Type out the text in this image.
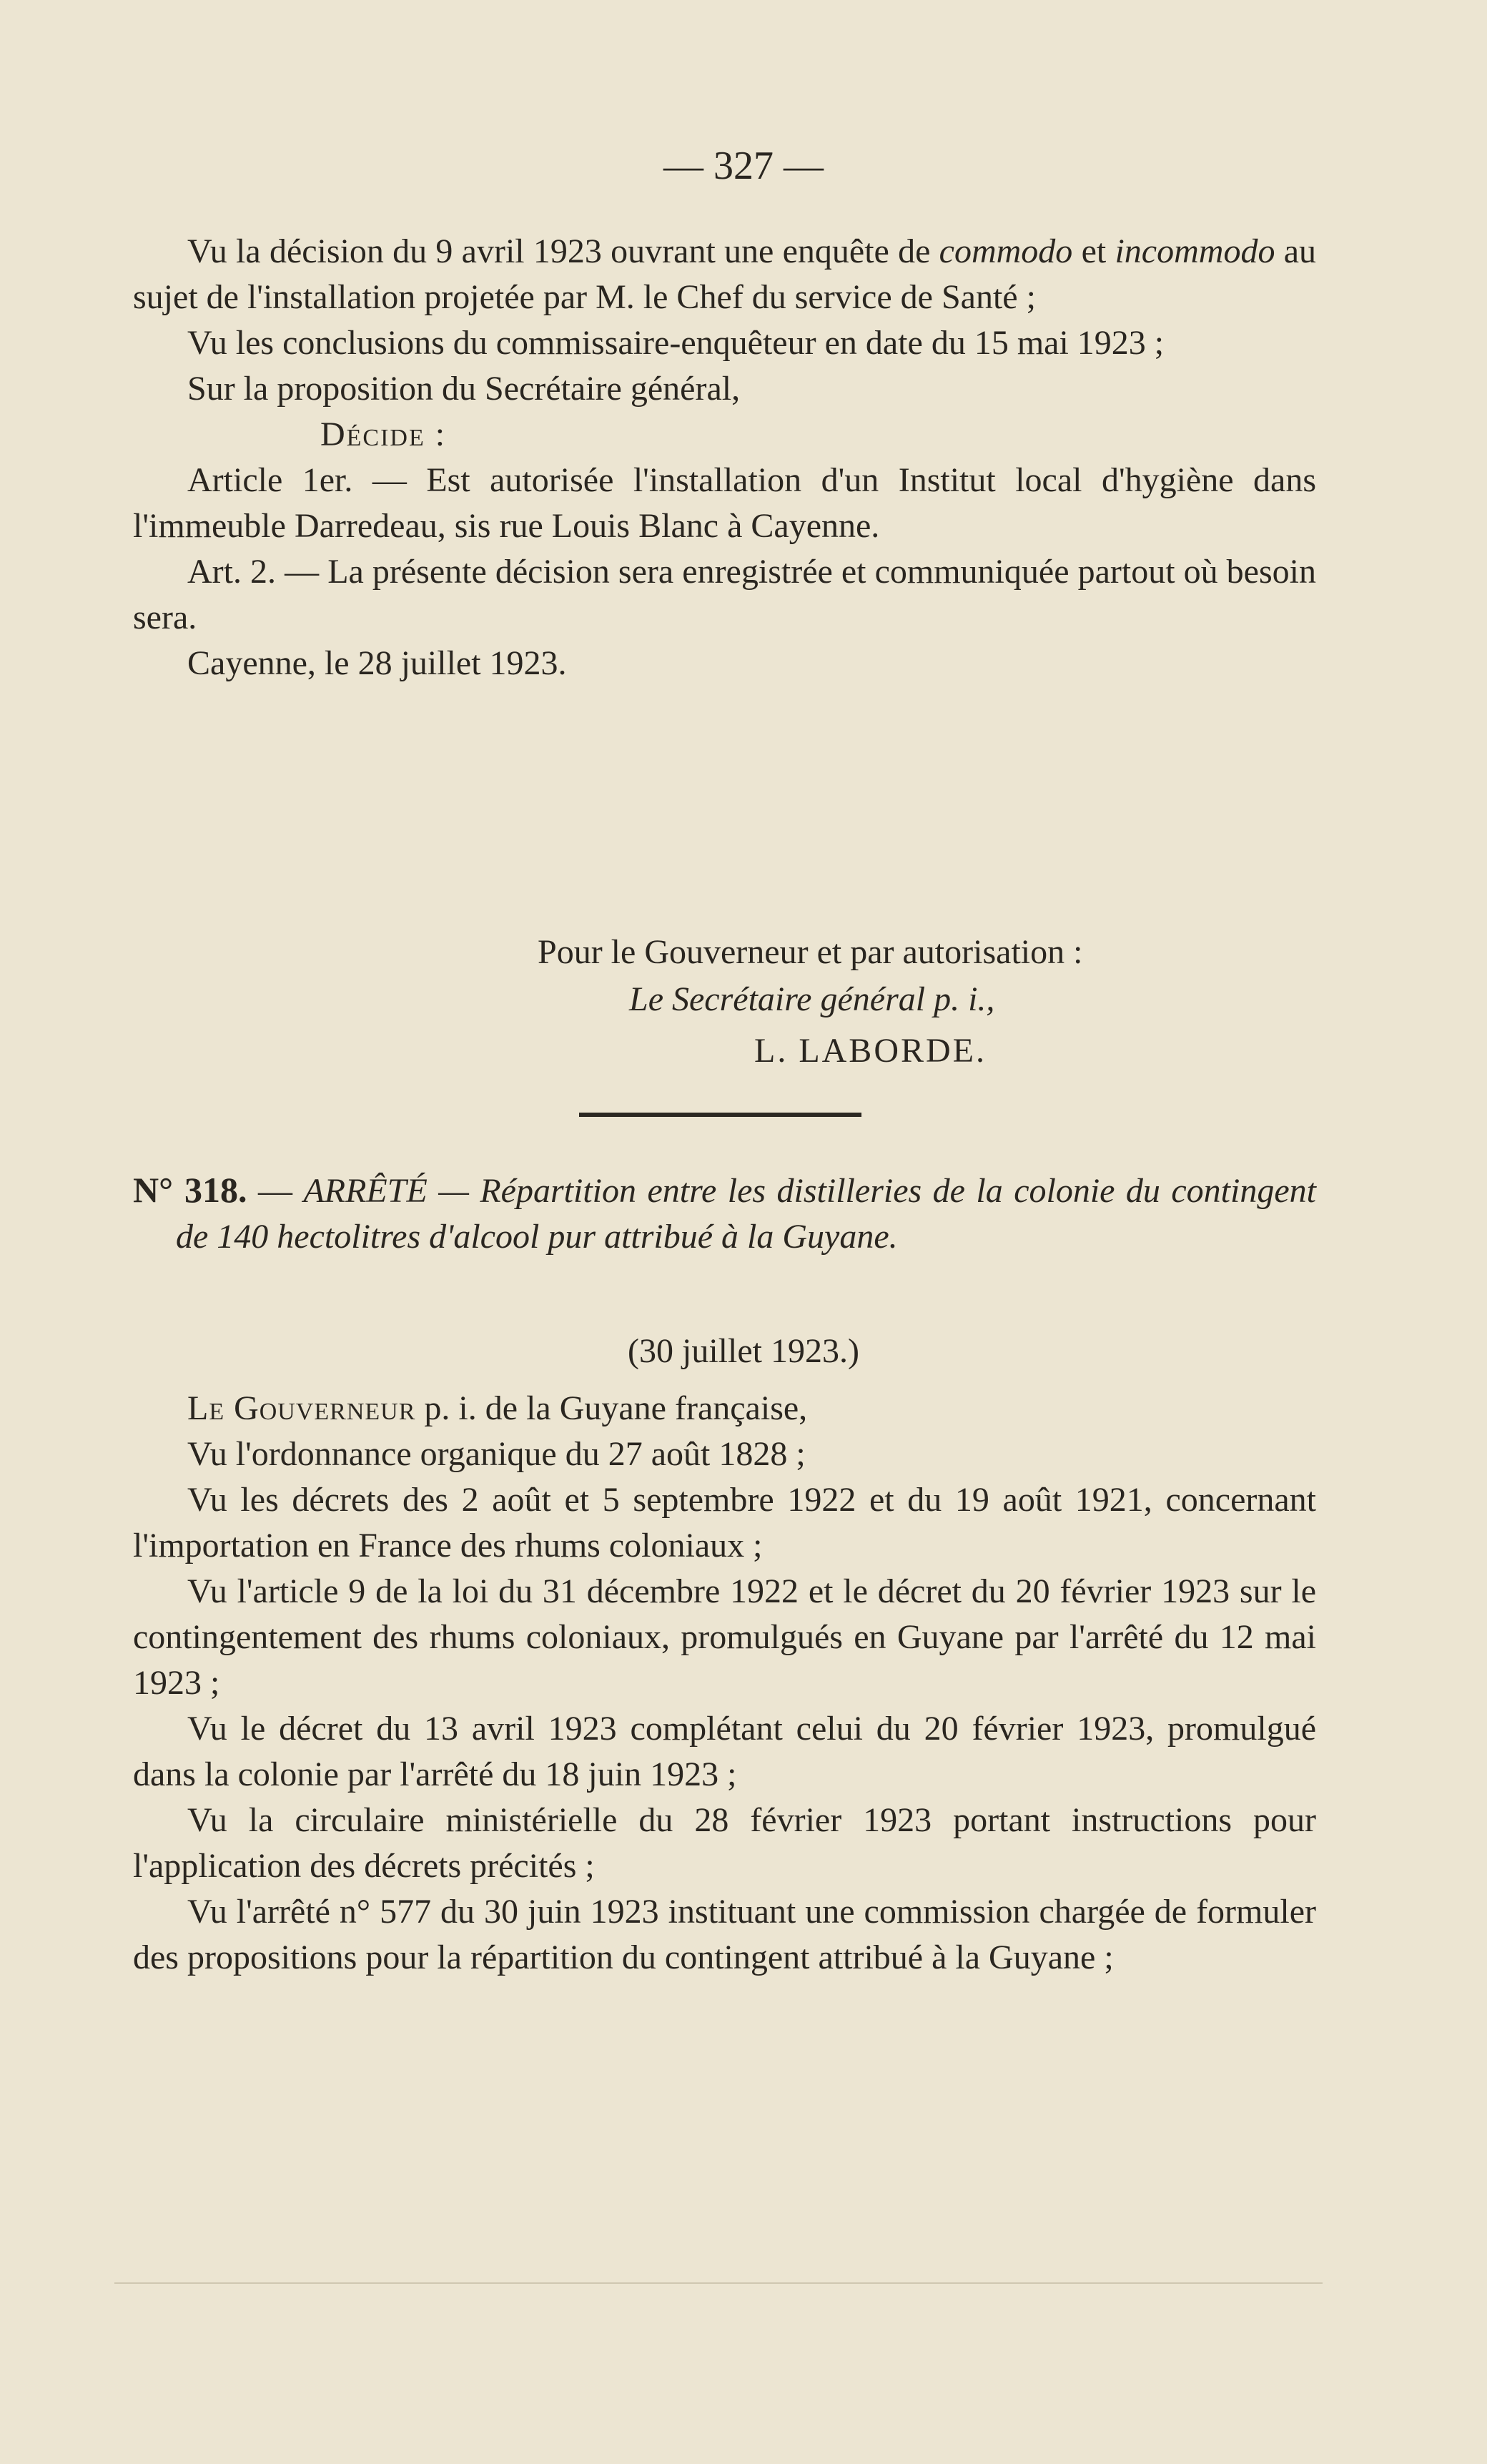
— 327 —

Vu la décision du 9 avril 1923 ouvrant une enquête de commodo et incommodo au sujet de l'installation projetée par M. le Chef du service de Santé ;

Vu les conclusions du commissaire-enquêteur en date du 15 mai 1923 ;

Sur la proposition du Secrétaire général,

Décide :

Article 1er. — Est autorisée l'installation d'un Institut local d'hygiène dans l'immeuble Darredeau, sis rue Louis Blanc à Cayenne.

Art. 2. — La présente décision sera enregistrée et communiquée partout où besoin sera.

Cayenne, le 28 juillet 1923.

Pour le Gouverneur et par autorisation :

Le Secrétaire général p. i.,

L. LABORDE.

N° 318. — ARRÊTÉ — Répartition entre les distilleries de la colonie du contingent de 140 hectolitres d'alcool pur attribué à la Guyane.

(30 juillet 1923.)

Le Gouverneur p. i. de la Guyane française,

Vu l'ordonnance organique du 27 août 1828 ;

Vu les décrets des 2 août et 5 septembre 1922 et du 19 août 1921, concernant l'importation en France des rhums coloniaux ;

Vu l'article 9 de la loi du 31 décembre 1922 et le décret du 20 février 1923 sur le contingentement des rhums coloniaux, promulgués en Guyane par l'arrêté du 12 mai 1923 ;

Vu le décret du 13 avril 1923 complétant celui du 20 février 1923, promulgué dans la colonie par l'arrêté du 18 juin 1923 ;

Vu la circulaire ministérielle du 28 février 1923 portant instructions pour l'application des décrets précités ;

Vu l'arrêté n° 577 du 30 juin 1923 instituant une commission chargée de formuler des propositions pour la répartition du contingent attribué à la Guyane ;
